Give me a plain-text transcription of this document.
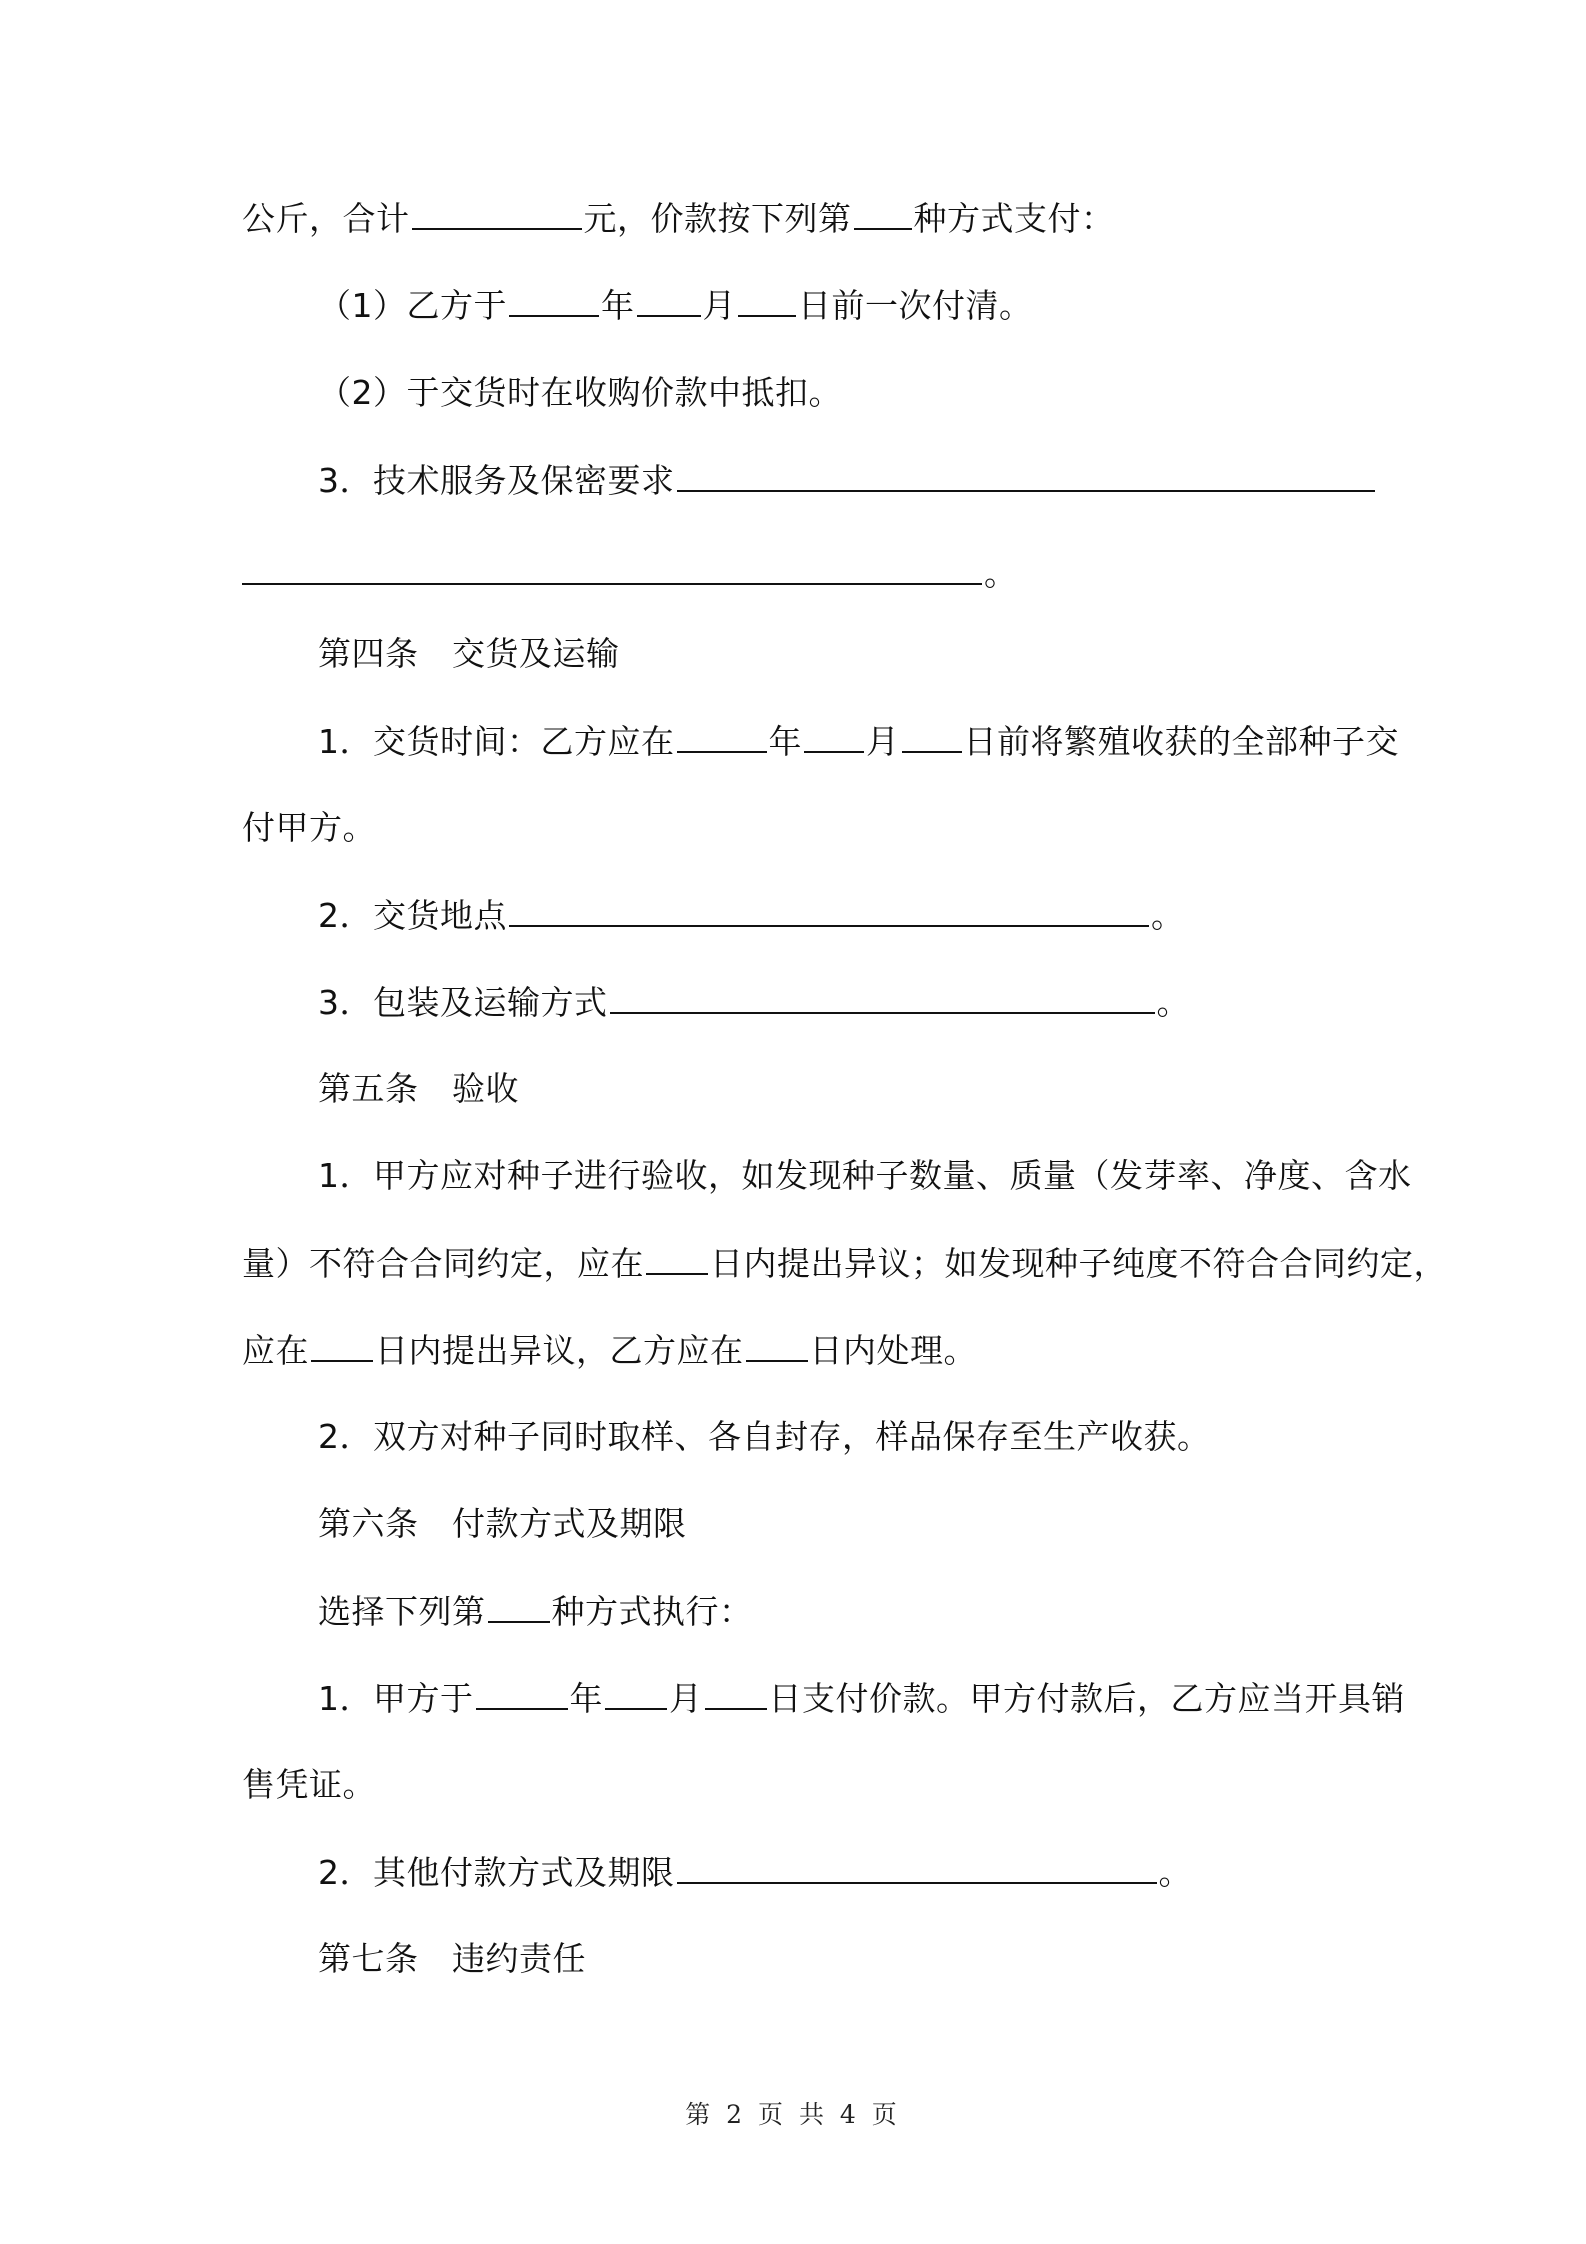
公斤，合计	元，价款按下列第 种方式支付：
（1）乙方于	年 月 日前一次付清。
（2）于交货时在收购价款中抵扣。
3．技术服务及保密要求
。
第四条　交货及运输
1．交货时间：乙方应在	年 月 日前将繁殖收获的全部种子交
付甲方。
2．交货地点	。
3．包装及运输方式	。
第五条　验收
1．甲方应对种子进行验收，如发现种子数量、质量（发芽率、净度、含水
量）不符合合同约定，应在 日内提出异议；如发现种子纯度不符合合同约定，
应在 日内提出异议，乙方应在 日内处理。
2．双方对种子同时取样、各自封存，样品保存至生产收获。
第六条　付款方式及期限
选择下列第 种方式执行：
1．甲方于	年 月 日支付价款。甲方付款后，乙方应当开具销
售凭证。
2．其他付款方式及期限	。
第七条　违约责任
第 2 页 共 4 页
